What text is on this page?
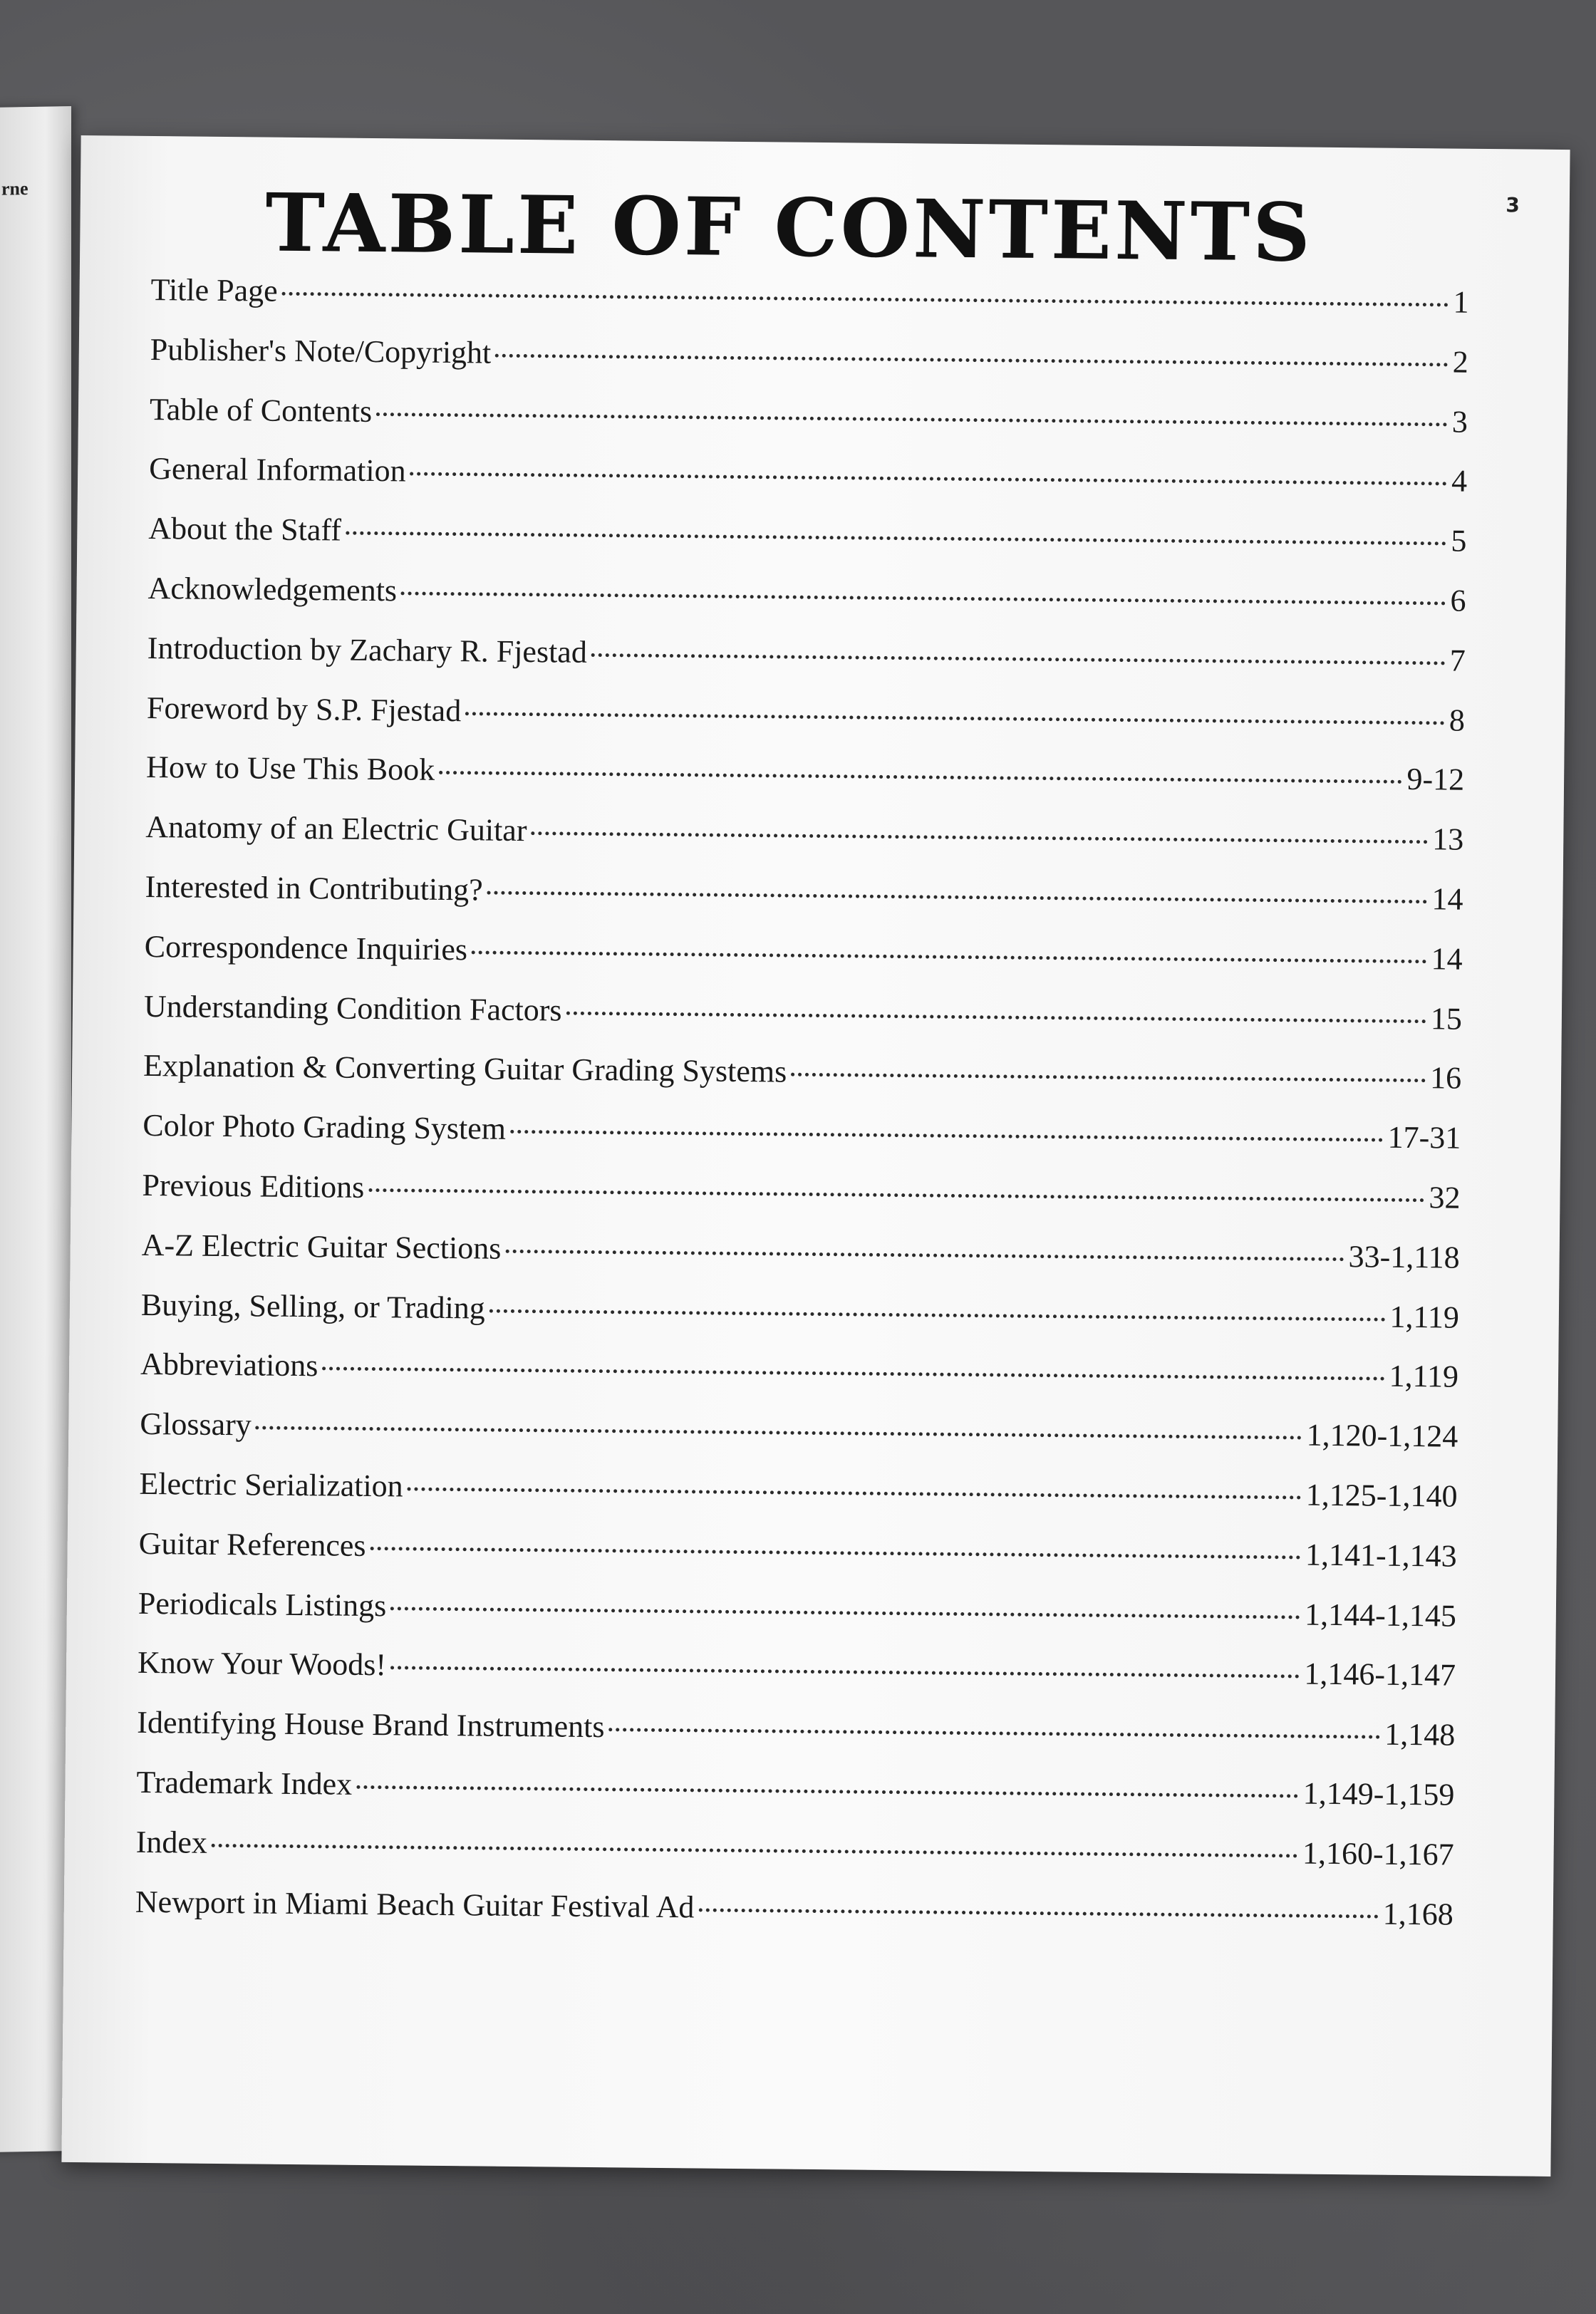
rne
3
TABLE OF CONTENTS
Title Page	1
Publisher's Note/Copyright	2
Table of Contents	3
General Information	4
About the Staff	5
Acknowledgements	6
Introduction by Zachary R. Fjestad	7
Foreword by S.P. Fjestad	8
How to Use This Book	9-12
Anatomy of an Electric Guitar	13
Interested in Contributing?	14
Correspondence Inquiries	14
Understanding Condition Factors	15
Explanation & Converting Guitar Grading Systems	16
Color Photo Grading System	17-31
Previous Editions	32
A-Z Electric Guitar Sections	33-1,118
Buying, Selling, or Trading	1,119
Abbreviations	1,119
Glossary	1,120-1,124
Electric Serialization	1,125-1,140
Guitar References	1,141-1,143
Periodicals Listings	1,144-1,145
Know Your Woods!	1,146-1,147
Identifying House Brand Instruments	1,148
Trademark Index	1,149-1,159
Index	1,160-1,167
Newport in Miami Beach Guitar Festival Ad	1,168
